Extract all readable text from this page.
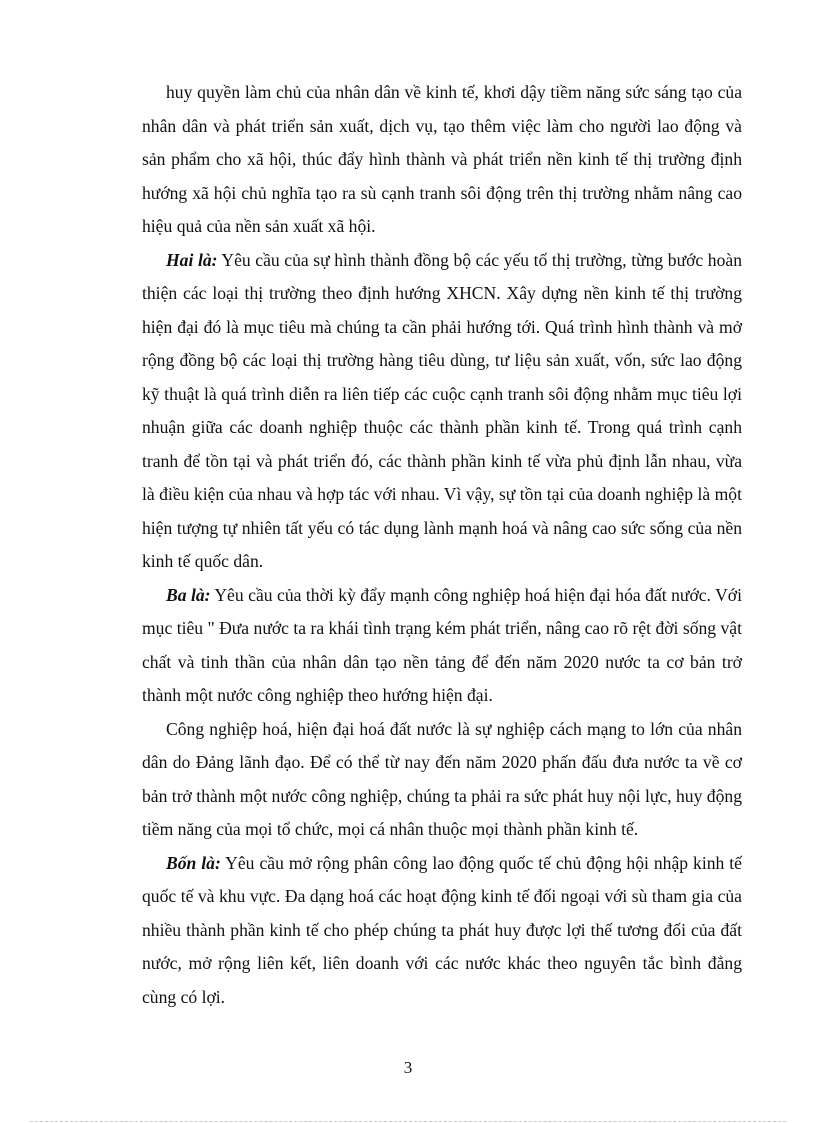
huy quyền làm chủ của nhân dân về kinh tế, khơi dậy tiềm năng sức sáng tạo của nhân dân và phát triển sản xuất, dịch vụ, tạo thêm việc làm cho người lao động và sản phẩm cho xã hội, thúc đẩy hình thành và phát triển nền kinh tế thị trường định hướng xã hội chủ nghĩa tạo ra sù cạnh tranh sôi động trên thị trường nhằm nâng cao hiệu quả của nền sản xuất xã hội.

Hai là: Yêu cầu của sự hình thành đồng bộ các yếu tố thị trường, từng bước hoàn thiện các loại thị trường theo định hướng XHCN. Xây dựng nền kinh tế thị trường hiện đại đó là mục tiêu mà chúng ta cần phải hướng tới. Quá trình hình thành và mở rộng đồng bộ các loại thị trường hàng tiêu dùng, tư liệu sản xuất, vốn, sức lao động kỹ thuật là quá trình diễn ra liên tiếp các cuộc cạnh tranh sôi động nhằm mục tiêu lợi nhuận giữa các doanh nghiệp thuộc các thành phần kinh tế. Trong quá trình cạnh tranh để tồn tại và phát triển đó, các thành phần kinh tế vừa phủ định lẫn nhau, vừa là điều kiện của nhau và hợp tác với nhau. Vì vậy, sự tồn tại của doanh nghiệp là một hiện tượng tự nhiên tất yếu có tác dụng lành mạnh hoá và nâng cao sức sống của nền kinh tế quốc dân.

Ba là: Yêu cầu của thời kỳ đẩy mạnh công nghiệp hoá hiện đại hóa đất nước. Với mục tiêu " Đưa nước ta ra khái tình trạng kém phát triển, nâng cao rõ rệt đời sống vật chất và tinh thần của nhân dân tạo nền tảng để đến năm 2020 nước ta cơ bản trở thành một nước công nghiệp theo hướng hiện đại.

Công nghiệp hoá, hiện đại hoá đất nước là sự nghiệp cách mạng to lớn của nhân dân do Đảng lãnh đạo. Để có thể từ nay đến năm 2020 phấn đấu đưa nước ta về cơ bản trở thành một nước công nghiệp, chúng ta phải ra sức phát huy nội lực, huy động tiềm năng của mọi tổ chức, mọi cá nhân thuộc mọi thành phần kinh tế.

Bốn là: Yêu cầu mở rộng phân công lao động quốc tế chủ động hội nhập kinh tế quốc tế và khu vực. Đa dạng hoá các hoạt động kinh tế đối ngoại với sù tham gia của nhiều thành phần kinh tế cho phép chúng ta phát huy được lợi thế tương đối của đất nước, mở rộng liên kết, liên doanh với các nước khác theo nguyên tắc bình đẳng cùng có lợi.

3
